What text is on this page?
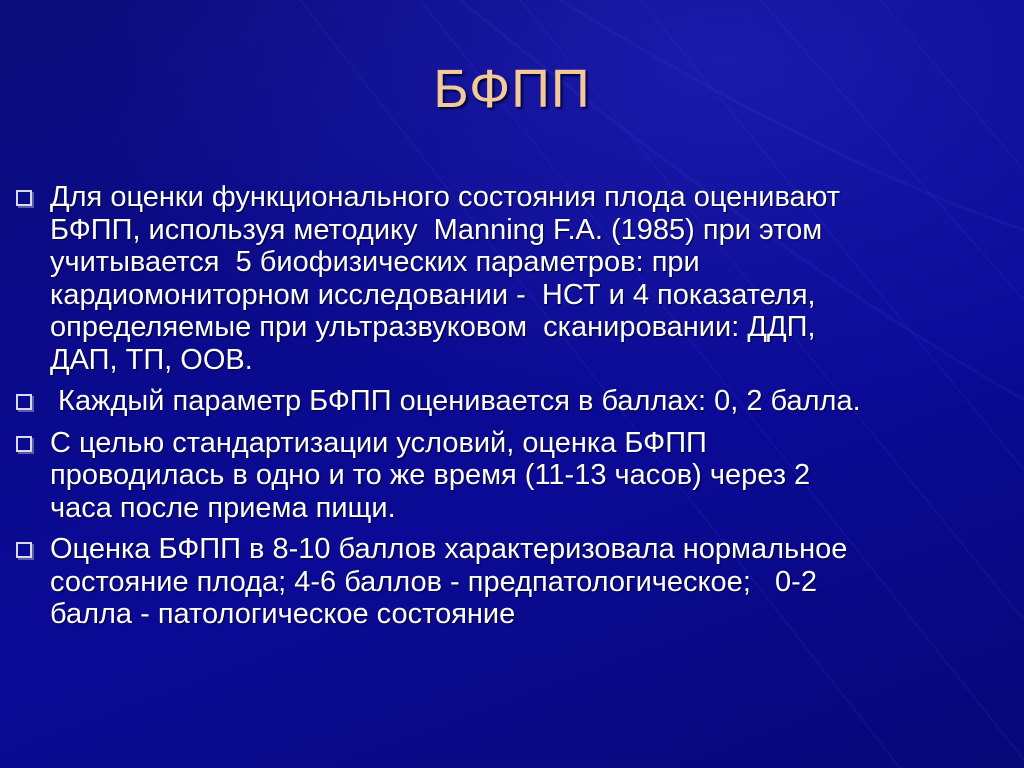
БФПП
Для оценки функционального состояния плода оценивают
БФПП, используя методику  Manning F.A. (1985) при этом
учитывается  5 биофизических параметров: при
кардиомониторном исследовании -  НСТ и 4 показателя,
определяемые при ультразвуковом  сканировании: ДДП,
ДАП, ТП, ООВ.
Каждый параметр БФПП оценивается в баллах: 0, 2 балла.
С целью стандартизации условий, оценка БФПП
проводилась в одно и то же время (11-13 часов) через 2
часа после приема пищи.
Оценка БФПП в 8-10 баллов характеризовала нормальное
состояние плода; 4-6 баллов - предпатологическое;   0-2
балла - патологическое состояние
